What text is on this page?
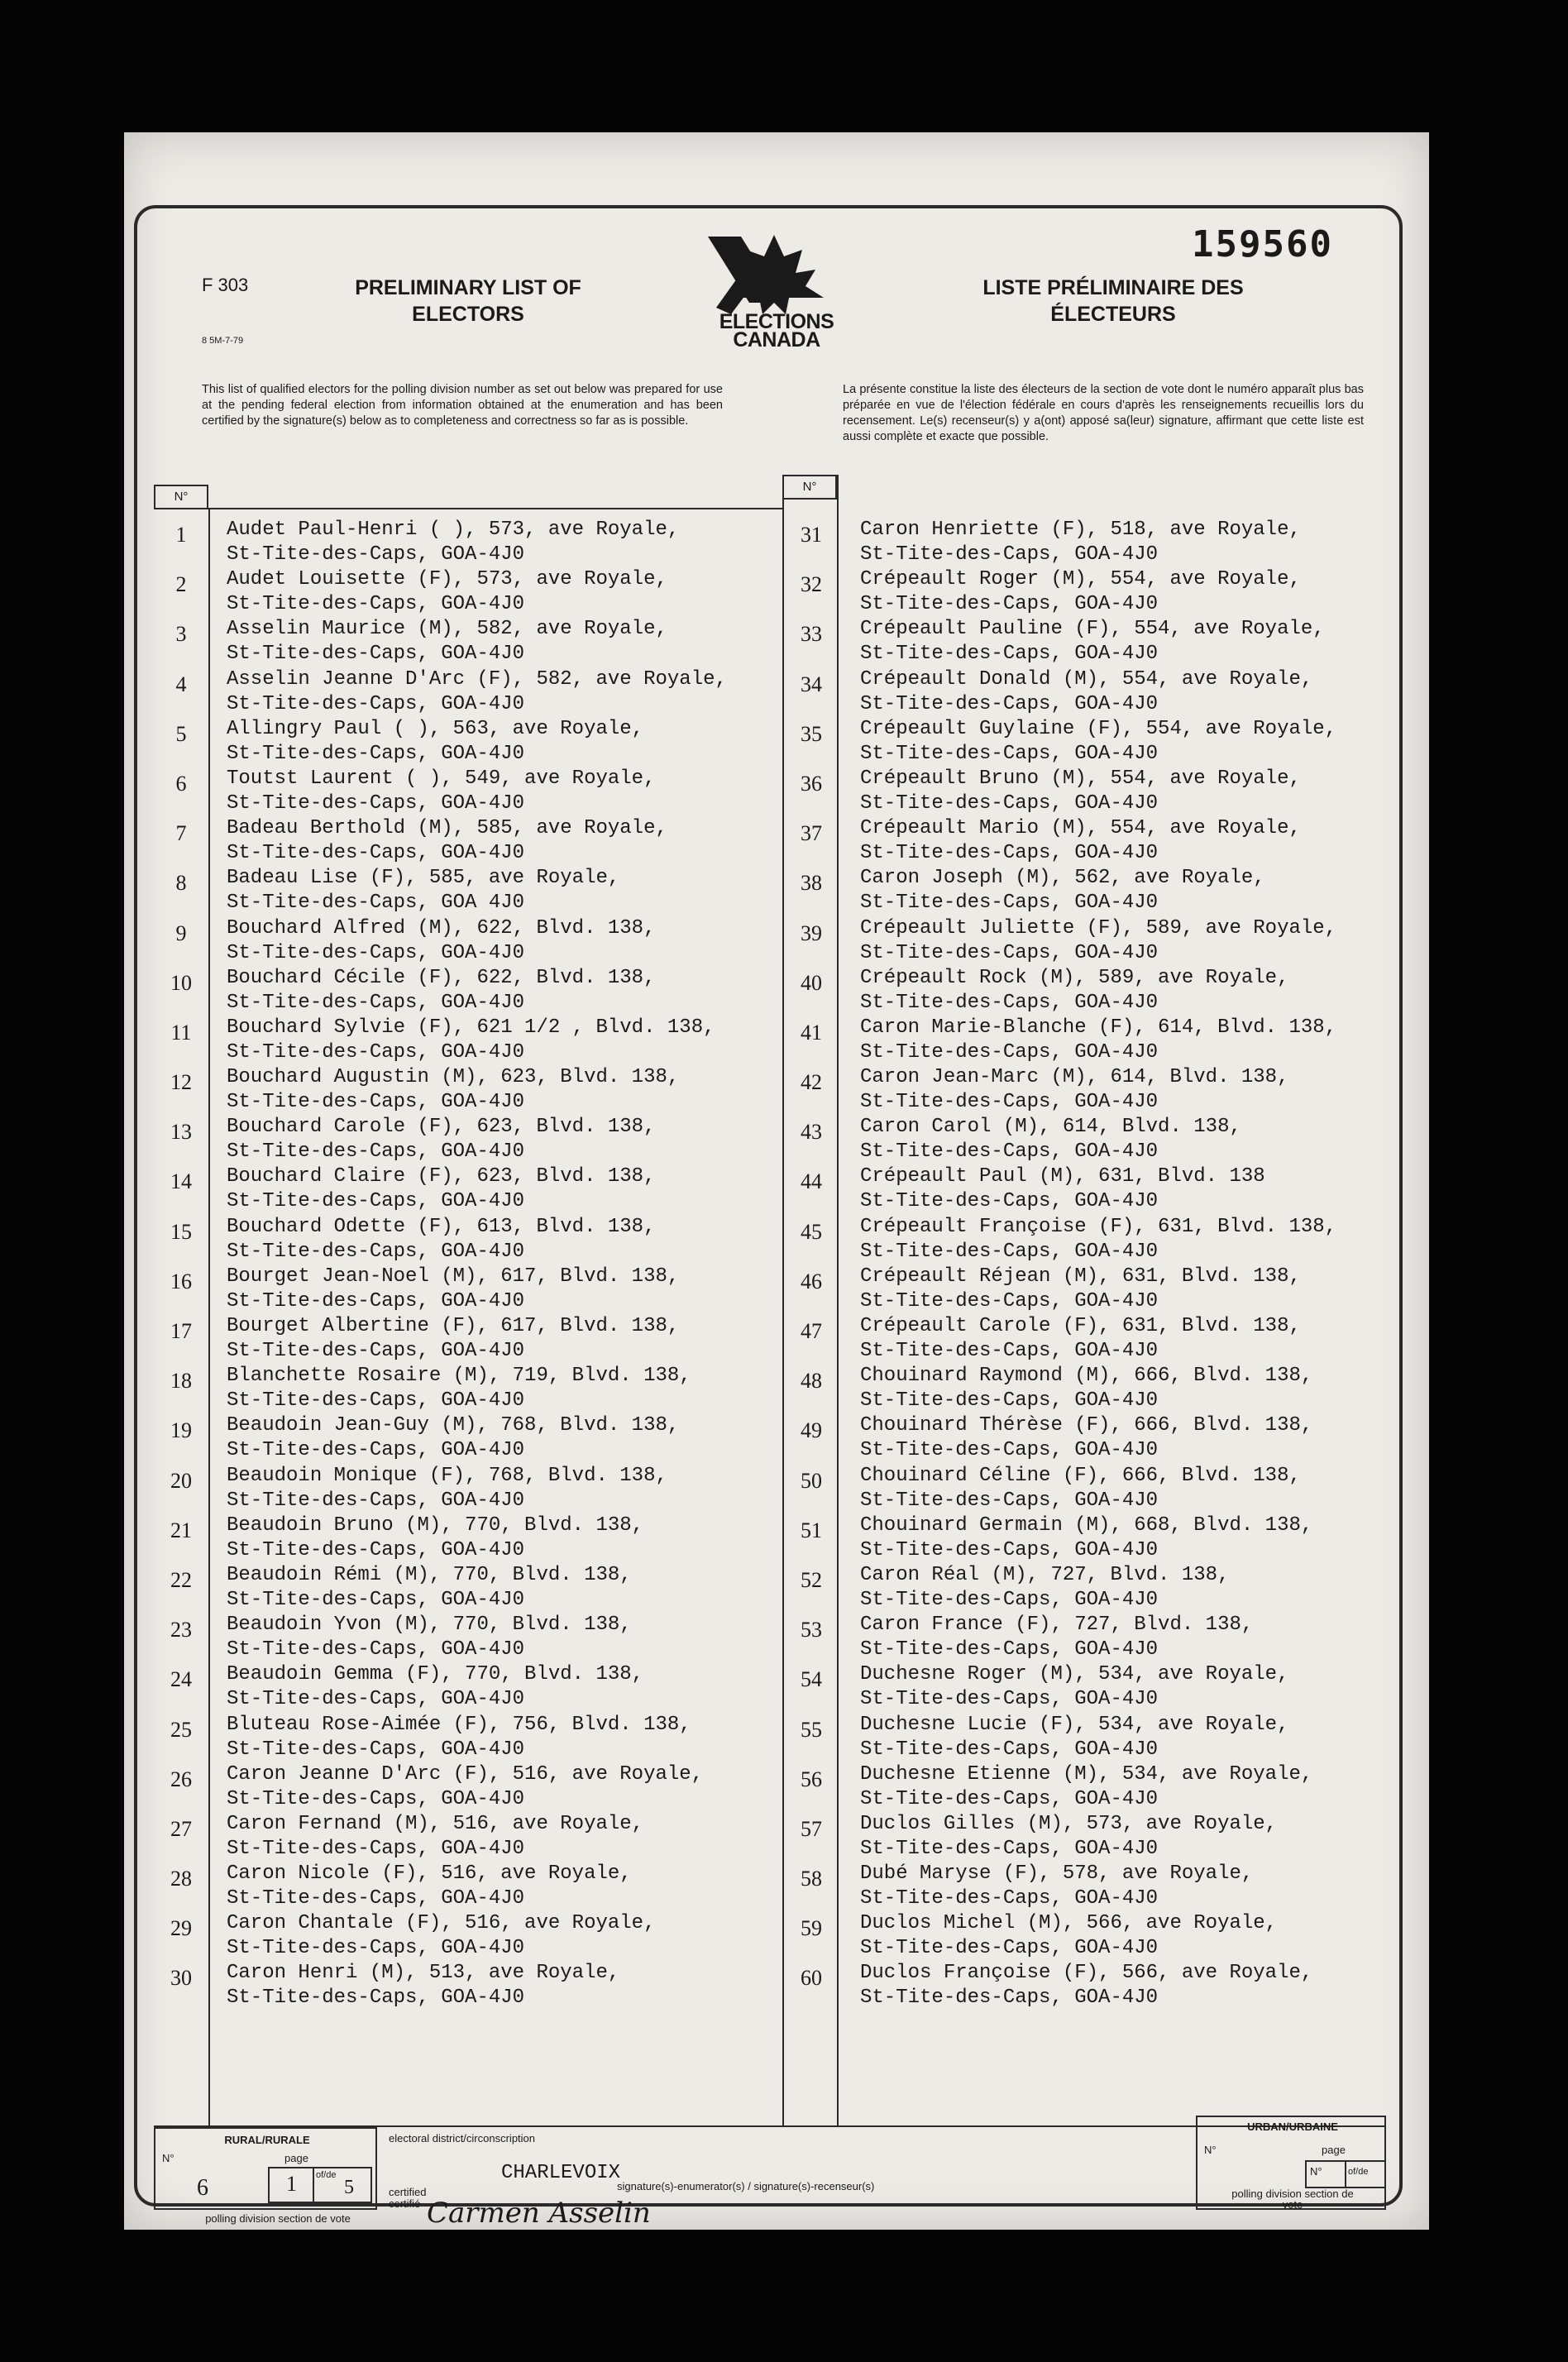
159560
F 303
8 5M-7-79
PRELIMINARY LIST OF ELECTORS
LISTE PRÉLIMINAIRE DES ÉLECTEURS
ELECTIONS
CANADA
This list of qualified electors for the polling division number as set out below was prepared for use at the pending federal election from information obtained at the enumeration and has been certified by the signature(s) below as to completeness and correctness so far as is possible.
La présente constitue la liste des électeurs de la section de vote dont le numéro apparaît plus bas préparée en vue de l'élection fédérale en cours d'après les renseignements recueillis lors du recensement. Le(s) recenseur(s) y a(ont) apposé sa(leur) signature, affirmant que cette liste est aussi complète et exacte que possible.
N°
N°
1	Audet Paul-Henri ( ), 573, ave Royale,
St-Tite-des-Caps, GOA-4J0
2	Audet Louisette (F), 573, ave Royale,
St-Tite-des-Caps, GOA-4J0
3	Asselin Maurice (M), 582, ave Royale,
St-Tite-des-Caps, GOA-4J0
4	Asselin Jeanne D'Arc (F), 582, ave Royale,
St-Tite-des-Caps, GOA-4J0
5	Allingry Paul ( ), 563, ave Royale,
St-Tite-des-Caps, GOA-4J0
6	Toutst Laurent ( ), 549, ave Royale,
St-Tite-des-Caps, GOA-4J0
7	Badeau Berthold (M), 585, ave Royale,
St-Tite-des-Caps, GOA-4J0
8	Badeau Lise (F), 585, ave Royale,
St-Tite-des-Caps, GOA 4J0
9	Bouchard Alfred (M), 622, Blvd. 138,
St-Tite-des-Caps, GOA-4J0
10	Bouchard Cécile (F), 622, Blvd. 138,
St-Tite-des-Caps, GOA-4J0
11	Bouchard Sylvie (F), 621 1/2 , Blvd. 138,
St-Tite-des-Caps, GOA-4J0
12	Bouchard Augustin (M), 623, Blvd. 138,
St-Tite-des-Caps, GOA-4J0
13	Bouchard Carole (F), 623, Blvd. 138,
St-Tite-des-Caps, GOA-4J0
14	Bouchard Claire (F), 623, Blvd. 138,
St-Tite-des-Caps, GOA-4J0
15	Bouchard Odette (F), 613, Blvd. 138,
St-Tite-des-Caps, GOA-4J0
16	Bourget Jean-Noel (M), 617, Blvd. 138,
St-Tite-des-Caps, GOA-4J0
17	Bourget Albertine (F), 617, Blvd. 138,
St-Tite-des-Caps, GOA-4J0
18	Blanchette Rosaire (M), 719, Blvd. 138,
St-Tite-des-Caps, GOA-4J0
19	Beaudoin Jean-Guy (M), 768, Blvd. 138,
St-Tite-des-Caps, GOA-4J0
20	Beaudoin Monique (F), 768, Blvd. 138,
St-Tite-des-Caps, GOA-4J0
21	Beaudoin Bruno (M), 770, Blvd. 138,
St-Tite-des-Caps, GOA-4J0
22	Beaudoin Rémi (M), 770, Blvd. 138,
St-Tite-des-Caps, GOA-4J0
23	Beaudoin Yvon (M), 770, Blvd. 138,
St-Tite-des-Caps, GOA-4J0
24	Beaudoin Gemma (F), 770, Blvd. 138,
St-Tite-des-Caps, GOA-4J0
25	Bluteau Rose-Aimée (F), 756, Blvd. 138,
St-Tite-des-Caps, GOA-4J0
26	Caron Jeanne D'Arc (F), 516, ave Royale,
St-Tite-des-Caps, GOA-4J0
27	Caron Fernand (M), 516, ave Royale,
St-Tite-des-Caps, GOA-4J0
28	Caron Nicole (F), 516, ave Royale,
St-Tite-des-Caps, GOA-4J0
29	Caron Chantale (F), 516, ave Royale,
St-Tite-des-Caps, GOA-4J0
30	Caron Henri (M), 513, ave Royale,
St-Tite-des-Caps, GOA-4J0
31	Caron Henriette (F), 518, ave Royale,
St-Tite-des-Caps, GOA-4J0
32	Crépeault Roger (M), 554, ave Royale,
St-Tite-des-Caps, GOA-4J0
33	Crépeault Pauline (F), 554, ave Royale,
St-Tite-des-Caps, GOA-4J0
34	Crépeault Donald (M), 554, ave Royale,
St-Tite-des-Caps, GOA-4J0
35	Crépeault Guylaine (F), 554, ave Royale,
St-Tite-des-Caps, GOA-4J0
36	Crépeault Bruno (M), 554, ave Royale,
St-Tite-des-Caps, GOA-4J0
37	Crépeault Mario (M), 554, ave Royale,
St-Tite-des-Caps, GOA-4J0
38	Caron Joseph (M), 562, ave Royale,
St-Tite-des-Caps, GOA-4J0
39	Crépeault Juliette (F), 589, ave Royale,
St-Tite-des-Caps, GOA-4J0
40	Crépeault Rock (M), 589, ave Royale,
St-Tite-des-Caps, GOA-4J0
41	Caron Marie-Blanche (F), 614, Blvd. 138,
St-Tite-des-Caps, GOA-4J0
42	Caron Jean-Marc (M), 614, Blvd. 138,
St-Tite-des-Caps, GOA-4J0
43	Caron Carol (M), 614, Blvd. 138,
St-Tite-des-Caps, GOA-4J0
44	Crépeault Paul (M), 631, Blvd. 138
St-Tite-des-Caps, GOA-4J0
45	Crépeault Françoise (F), 631, Blvd. 138,
St-Tite-des-Caps, GOA-4J0
46	Crépeault Réjean (M), 631, Blvd. 138,
St-Tite-des-Caps, GOA-4J0
47	Crépeault Carole (F), 631, Blvd. 138,
St-Tite-des-Caps, GOA-4J0
48	Chouinard Raymond (M), 666, Blvd. 138,
St-Tite-des-Caps, GOA-4J0
49	Chouinard Thérèse (F), 666, Blvd. 138,
St-Tite-des-Caps, GOA-4J0
50	Chouinard Céline (F), 666, Blvd. 138,
St-Tite-des-Caps, GOA-4J0
51	Chouinard Germain (M), 668, Blvd. 138,
St-Tite-des-Caps, GOA-4J0
52	Caron Réal (M), 727, Blvd. 138,
St-Tite-des-Caps, GOA-4J0
53	Caron France (F), 727, Blvd. 138,
St-Tite-des-Caps, GOA-4J0
54	Duchesne Roger (M), 534, ave Royale,
St-Tite-des-Caps, GOA-4J0
55	Duchesne Lucie (F), 534, ave Royale,
St-Tite-des-Caps, GOA-4J0
56	Duchesne Etienne (M), 534, ave Royale,
St-Tite-des-Caps, GOA-4J0
57	Duclos Gilles (M), 573, ave Royale,
St-Tite-des-Caps, GOA-4J0
58	Dubé Maryse (F), 578, ave Royale,
St-Tite-des-Caps, GOA-4J0
59	Duclos Michel (M), 566, ave Royale,
St-Tite-des-Caps, GOA-4J0
60	Duclos Françoise (F), 566, ave Royale,
St-Tite-des-Caps, GOA-4J0
RURAL/RURALE
N°
6
page
1 of/de
5
polling division section de vote
electoral district/circonscription
CHARLEVOIX
certified certifié
signature(s)-enumerator(s) / signature(s)-recenseur(s)
Carmen Asselin
URBAN/URBAINE
N°	page
N°	of/de
polling division section de vote
